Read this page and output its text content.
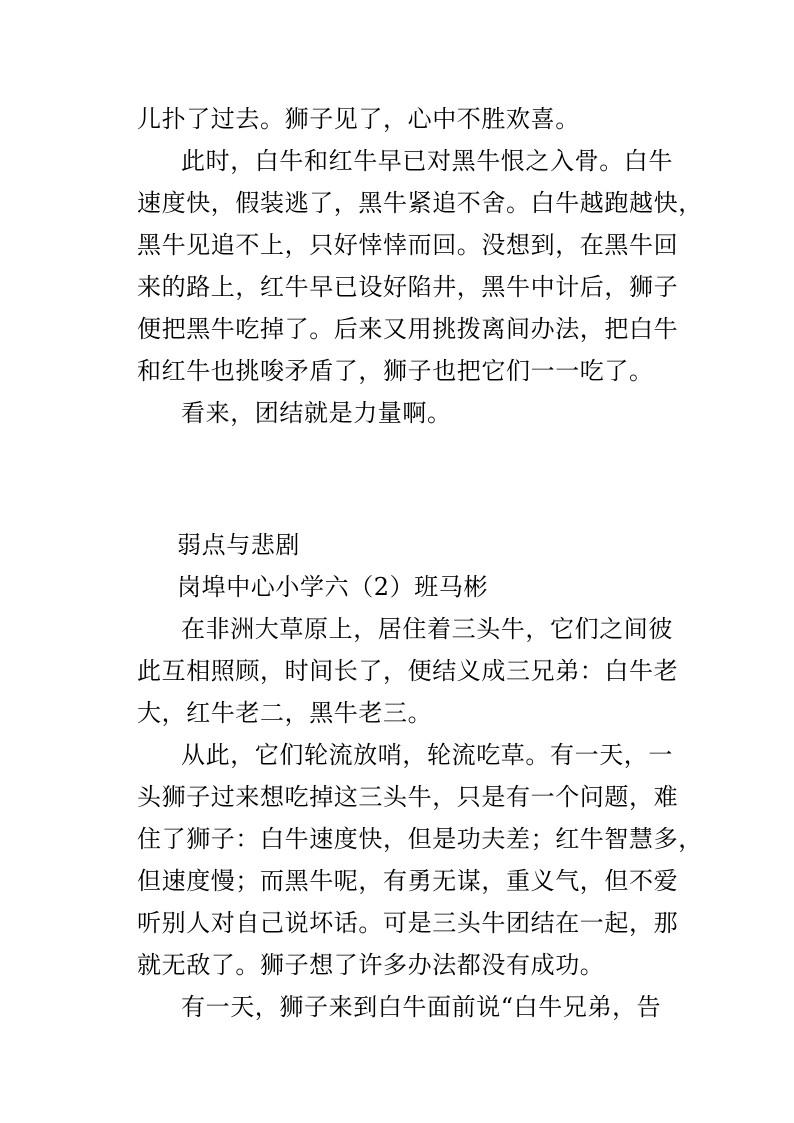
儿扑了过去。狮子见了，心中不胜欢喜。
此时，白牛和红牛早已对黑牛恨之入骨。白牛
速度快，假装逃了，黑牛紧追不舍。白牛越跑越快，
黑牛见追不上，只好悻悻而回。没想到，在黑牛回
来的路上，红牛早已设好陷井，黑牛中计后，狮子
便把黑牛吃掉了。后来又用挑拨离间办法，把白牛
和红牛也挑唆矛盾了，狮子也把它们一一吃了。
看来，团结就是力量啊。
弱点与悲剧
岗埠中心小学六（2）班马彬
在非洲大草原上，居住着三头牛，它们之间彼
此互相照顾，时间长了，便结义成三兄弟：白牛老
大，红牛老二，黑牛老三。
从此，它们轮流放哨，轮流吃草。有一天，一
头狮子过来想吃掉这三头牛，只是有一个问题，难
住了狮子：白牛速度快，但是功夫差；红牛智慧多，
但速度慢；而黑牛呢，有勇无谋，重义气，但不爱
听别人对自己说坏话。可是三头牛团结在一起，那
就无敌了。狮子想了许多办法都没有成功。
有一天，狮子来到白牛面前说“白牛兄弟，告
